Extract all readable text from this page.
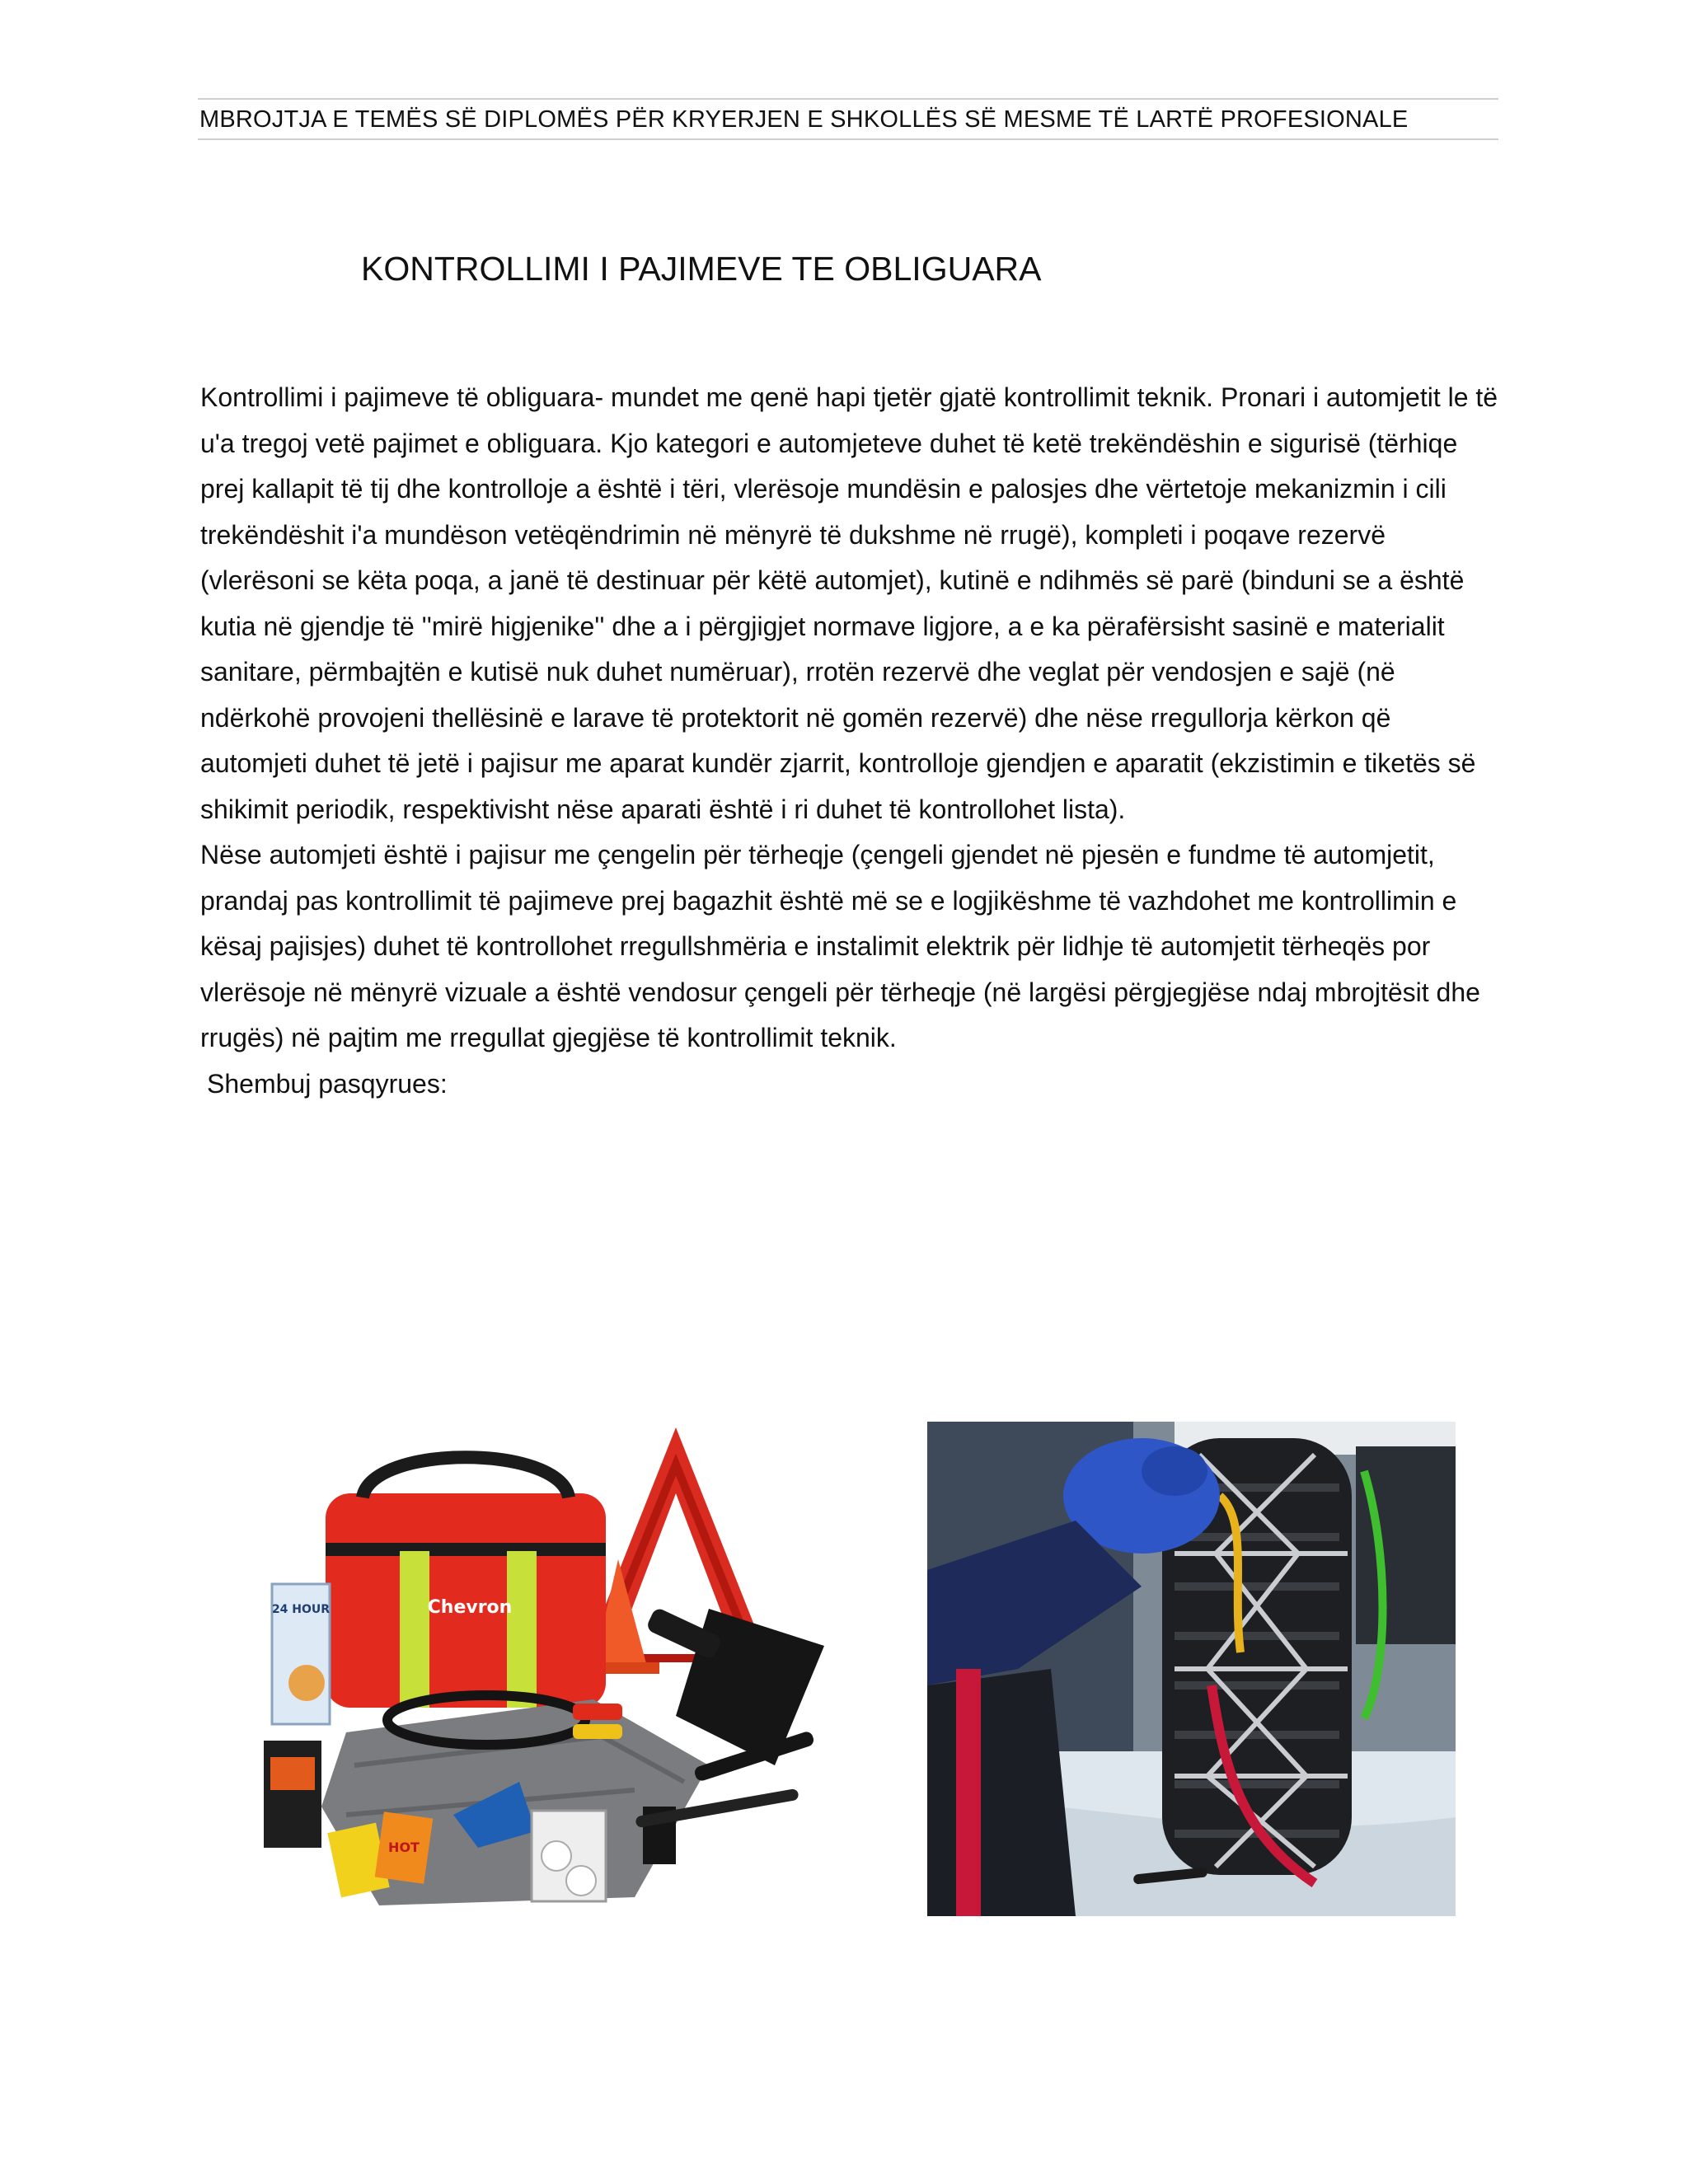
MBROJTJA E TEMËS SË DIPLOMËS PËR KRYERJEN E SHKOLLËS SË MESME TË LARTË PROFESIONALE
KONTROLLIMI I PAJIMEVE TE OBLIGUARA

Kontrollimi i pajimeve të obliguara- mundet me qenë hapi tjetër gjatë kontrollimit teknik. Pronari i automjetit le të u'a tregoj vetë pajimet e obliguara. Kjo kategori e automjeteve duhet të ketë trekëndëshin e sigurisë (tërhiqe prej kallapit të tij dhe kontrolloje a është i tëri, vlerësoje mundësin e palosjes dhe vërtetoje mekanizmin i cili trekëndëshit i'a mundëson vetëqëndrimin në mënyrë të dukshme në rrugë), kompleti i poqave rezervë (vlerësoni se këta poqa, a janë të destinuar për këtë automjet), kutinë e ndihmës së parë (binduni se a është kutia në gjendje të ''mirë higjenike'' dhe a i përgjigjet normave ligjore, a e ka përafërsisht sasinë e materialit sanitare, përmbajtën e kutisë nuk duhet numëruar), rrotën rezervë dhe veglat për vendosjen e sajë (në ndërkohë provojeni thellësinë e larave të protektorit në gomën rezervë) dhe nëse rregullorja kërkon që automjeti duhet të jetë i pajisur me aparat kundër zjarrit, kontrolloje gjendjen e aparatit (ekzistimin e tiketës së shikimit periodik, respektivisht nëse aparati është i ri duhet të kontrollohet lista).

Nëse automjeti është i pajisur me çengelin për tërheqje (çengeli gjendet në pjesën e fundme të automjetit, prandaj pas kontrollimit të pajimeve prej bagazhit është më se e logjikëshme të vazhdohet me kontrollimin e kësaj pajisjes) duhet të kontrollohet rregullshmëria e instalimit elektrik për lidhje të automjetit tërheqës por vlerësoje në mënyrë vizuale a është vendosur çengeli për tërheqje (në largësi përgjegjëse ndaj mbrojtësit dhe rrugës) në pajtim me rregullat gjegjëse të kontrollimit teknik.

Shembuj pasqyrues:

Chevron
24 HOUR
HOT
